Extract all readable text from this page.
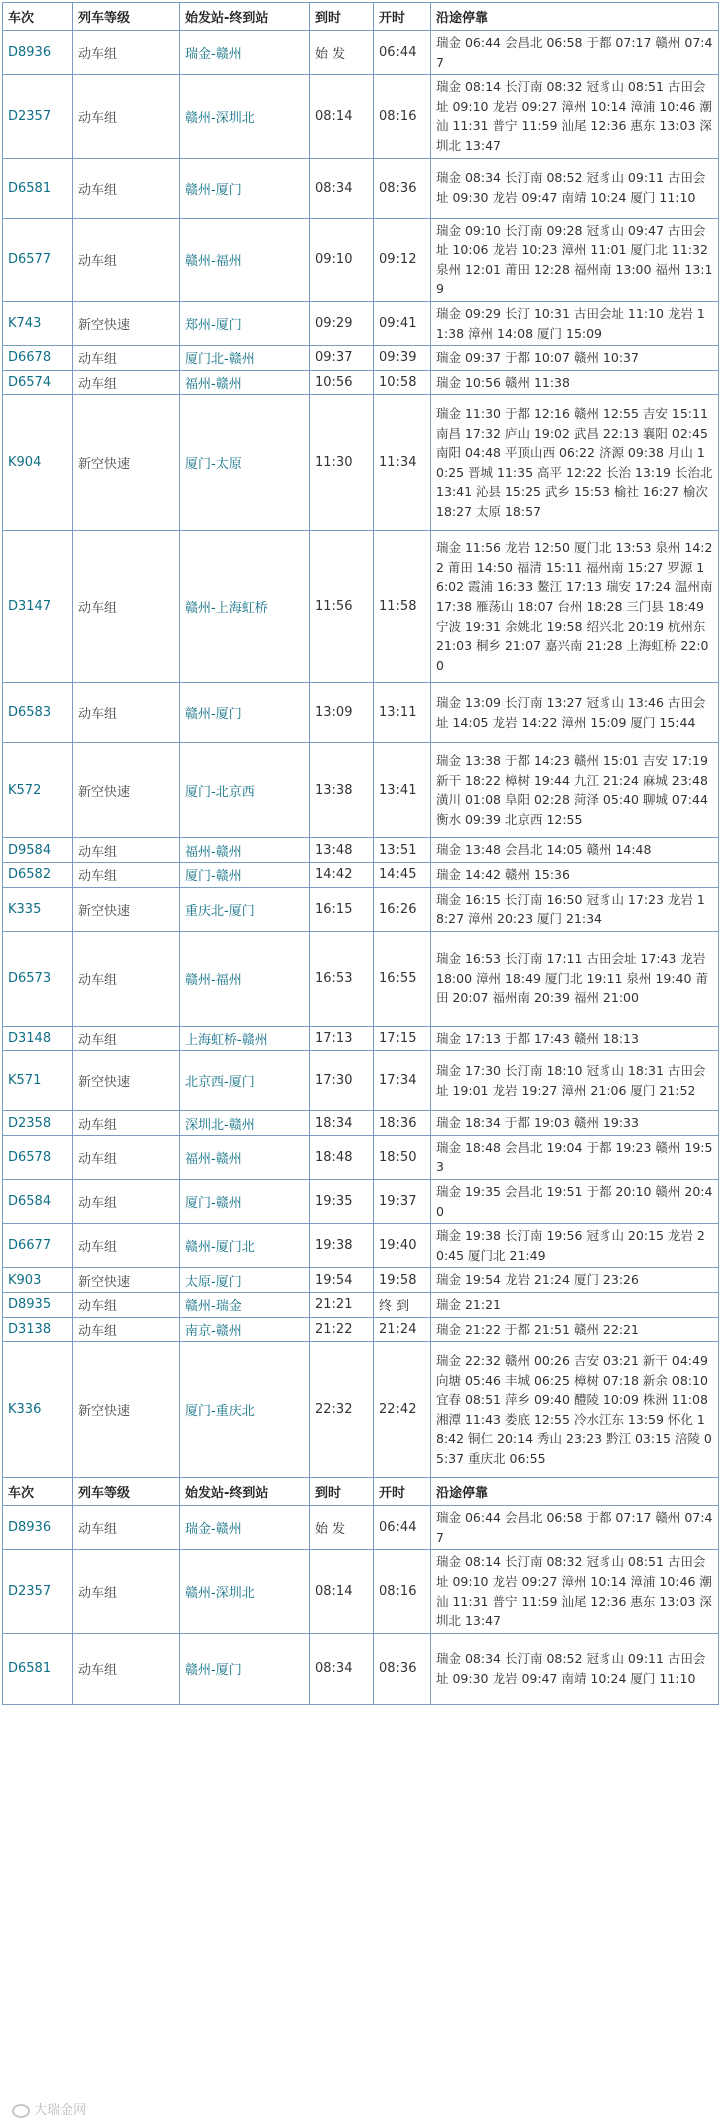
车次	列车等级	始发站-终到站	到时	开时	沿途停靠
D8936	动车组	瑞金-赣州	始 发	06:44	瑞金 06:44 会昌北 06:58 于都 07:17 赣州 07:47
D2357	动车组	赣州-深圳北	08:14	08:16	瑞金 08:14 长汀南 08:32 冠豸山 08:51 古田会址 09:10 龙岩 09:27 漳州 10:14 漳浦 10:46 潮汕 11:31 普宁 11:59 汕尾 12:36 惠东 13:03 深圳北 13:47
D6581	动车组	赣州-厦门	08:34	08:36	瑞金 08:34 长汀南 08:52 冠豸山 09:11 古田会址 09:30 龙岩 09:47 南靖 10:24 厦门 11:10
D6577	动车组	赣州-福州	09:10	09:12	瑞金 09:10 长汀南 09:28 冠豸山 09:47 古田会址 10:06 龙岩 10:23 漳州 11:01 厦门北 11:32 泉州 12:01 莆田 12:28 福州南 13:00 福州 13:19
K743	新空快速	郑州-厦门	09:29	09:41	瑞金 09:29 长汀 10:31 古田会址 11:10 龙岩 11:38 漳州 14:08 厦门 15:09
D6678	动车组	厦门北-赣州	09:37	09:39	瑞金 09:37 于都 10:07 赣州 10:37
D6574	动车组	福州-赣州	10:56	10:58	瑞金 10:56 赣州 11:38
K904	新空快速	厦门-太原	11:30	11:34	瑞金 11:30 于都 12:16 赣州 12:55 吉安 15:11 南昌 17:32 庐山 19:02 武昌 22:13 襄阳 02:45 南阳 04:48 平顶山西 06:22 济源 09:38 月山 10:25 晋城 11:35 高平 12:22 长治 13:19 长治北 13:41 沁县 15:25 武乡 15:53 榆社 16:27 榆次 18:27 太原 18:57
D3147	动车组	赣州-上海虹桥	11:56	11:58	瑞金 11:56 龙岩 12:50 厦门北 13:53 泉州 14:22 莆田 14:50 福清 15:11 福州南 15:27 罗源 16:02 霞浦 16:33 鳌江 17:13 瑞安 17:24 温州南 17:38 雁荡山 18:07 台州 18:28 三门县 18:49 宁波 19:31 余姚北 19:58 绍兴北 20:19 杭州东 21:03 桐乡 21:07 嘉兴南 21:28 上海虹桥 22:00
D6583	动车组	赣州-厦门	13:09	13:11	瑞金 13:09 长汀南 13:27 冠豸山 13:46 古田会址 14:05 龙岩 14:22 漳州 15:09 厦门 15:44
K572	新空快速	厦门-北京西	13:38	13:41	瑞金 13:38 于都 14:23 赣州 15:01 吉安 17:19 新干 18:22 樟树 19:44 九江 21:24 麻城 23:48 潢川 01:08 阜阳 02:28 菏泽 05:40 聊城 07:44 衡水 09:39 北京西 12:55
D9584	动车组	福州-赣州	13:48	13:51	瑞金 13:48 会昌北 14:05 赣州 14:48
D6582	动车组	厦门-赣州	14:42	14:45	瑞金 14:42 赣州 15:36
K335	新空快速	重庆北-厦门	16:15	16:26	瑞金 16:15 长汀南 16:50 冠豸山 17:23 龙岩 18:27 漳州 20:23 厦门 21:34
D6573	动车组	赣州-福州	16:53	16:55	瑞金 16:53 长汀南 17:11 古田会址 17:43 龙岩 18:00 漳州 18:49 厦门北 19:11 泉州 19:40 莆田 20:07 福州南 20:39 福州 21:00
D3148	动车组	上海虹桥-赣州	17:13	17:15	瑞金 17:13 于都 17:43 赣州 18:13
K571	新空快速	北京西-厦门	17:30	17:34	瑞金 17:30 长汀南 18:10 冠豸山 18:31 古田会址 19:01 龙岩 19:27 漳州 21:06 厦门 21:52
D2358	动车组	深圳北-赣州	18:34	18:36	瑞金 18:34 于都 19:03 赣州 19:33
D6578	动车组	福州-赣州	18:48	18:50	瑞金 18:48 会昌北 19:04 于都 19:23 赣州 19:53
D6584	动车组	厦门-赣州	19:35	19:37	瑞金 19:35 会昌北 19:51 于都 20:10 赣州 20:40
D6677	动车组	赣州-厦门北	19:38	19:40	瑞金 19:38 长汀南 19:56 冠豸山 20:15 龙岩 20:45 厦门北 21:49
K903	新空快速	太原-厦门	19:54	19:58	瑞金 19:54 龙岩 21:24 厦门 23:26
D8935	动车组	赣州-瑞金	21:21	终 到	瑞金 21:21
D3138	动车组	南京-赣州	21:22	21:24	瑞金 21:22 于都 21:51 赣州 22:21
K336	新空快速	厦门-重庆北	22:32	22:42	瑞金 22:32 赣州 00:26 吉安 03:21 新干 04:49 向塘 05:46 丰城 06:25 樟树 07:18 新余 08:10 宜春 08:51 萍乡 09:40 醴陵 10:09 株洲 11:08 湘潭 11:43 娄底 12:55 冷水江东 13:59 怀化 18:42 铜仁 20:14 秀山 23:23 黔江 03:15 涪陵 05:37 重庆北 06:55
车次	列车等级	始发站-终到站	到时	开时	沿途停靠
D8936	动车组	瑞金-赣州	始 发	06:44	瑞金 06:44 会昌北 06:58 于都 07:17 赣州 07:47
D2357	动车组	赣州-深圳北	08:14	08:16	瑞金 08:14 长汀南 08:32 冠豸山 08:51 古田会址 09:10 龙岩 09:27 漳州 10:14 漳浦 10:46 潮汕 11:31 普宁 11:59 汕尾 12:36 惠东 13:03 深圳北 13:47
D6581	动车组	赣州-厦门	08:34	08:36	瑞金 08:34 长汀南 08:52 冠豸山 09:11 古田会址 09:30 龙岩 09:47 南靖 10:24 厦门 11:10
大瑞金网
